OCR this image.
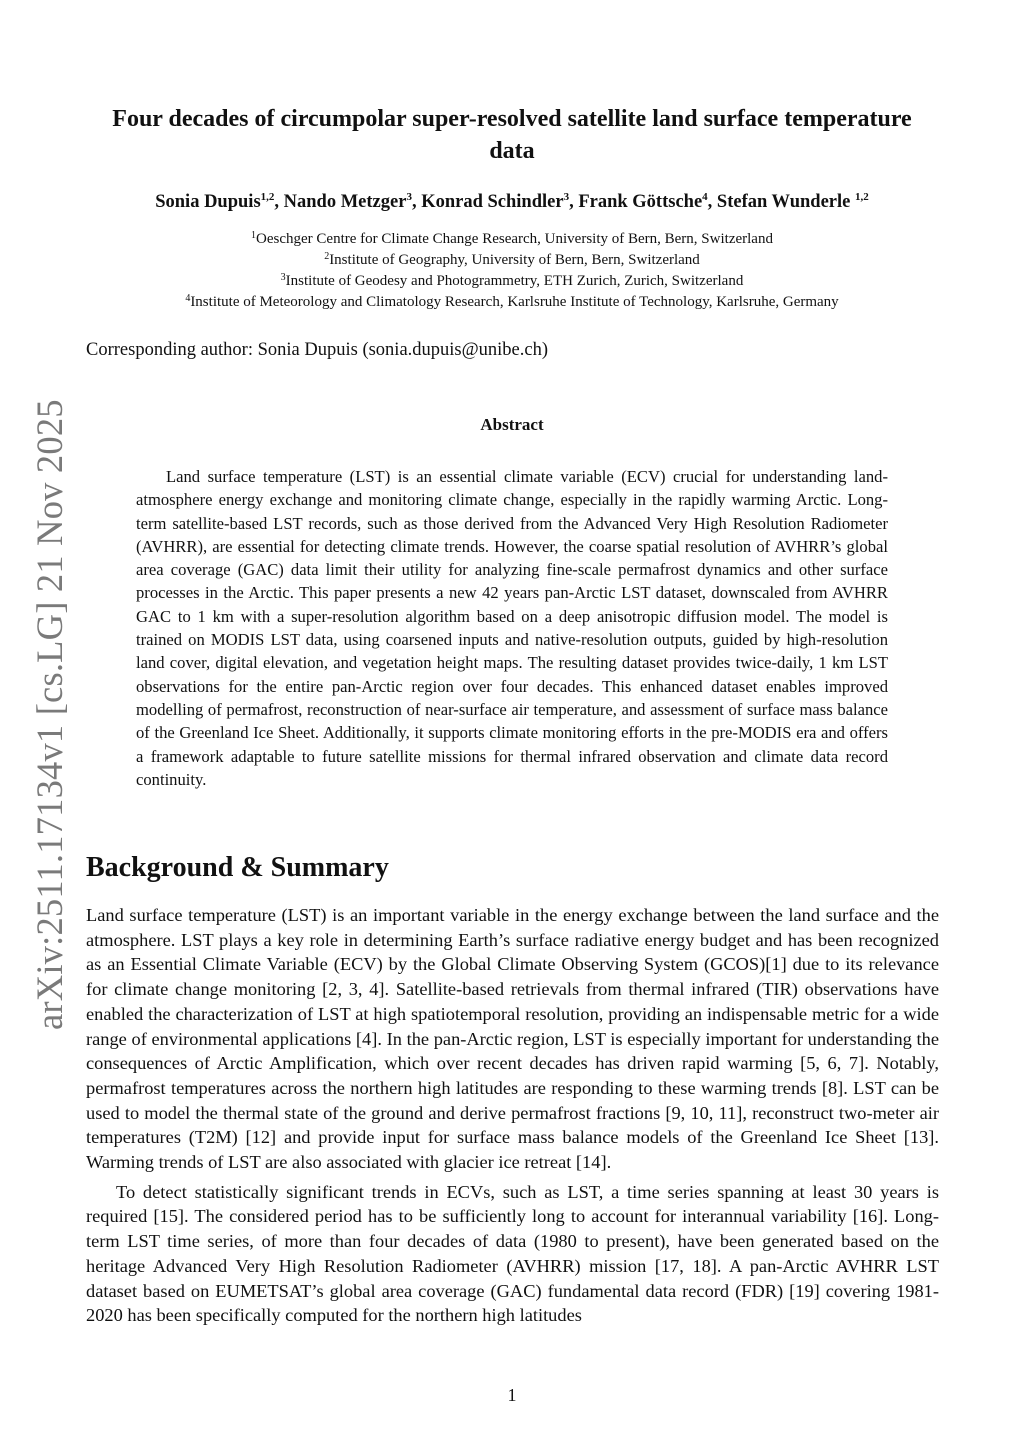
arXiv:2511.17134v1 [cs.LG] 21 Nov 2025
Four decades of circumpolar super-resolved satellite land surface temperature data
Sonia Dupuis$^{1,2}$, Nando Metzger$^3$, Konrad Schindler$^3$, Frank Göttsche$^4$, Stefan Wunderle $^{1,2}$
$^1$Oeschger Centre for Climate Change Research, University of Bern, Bern, Switzerland
$^2$Institute of Geography, University of Bern, Bern, Switzerland
$^3$Institute of Geodesy and Photogrammetry, ETH Zurich, Zurich, Switzerland
$^4$Institute of Meteorology and Climatology Research, Karlsruhe Institute of Technology, Karlsruhe, Germany
Corresponding author: Sonia Dupuis (sonia.dupuis@unibe.ch)
Abstract

Land surface temperature (LST) is an essential climate variable (ECV) crucial for understanding land-atmosphere energy exchange and monitoring climate change, especially in the rapidly warming Arctic. Long-term satellite-based LST records, such as those derived from the Advanced Very High Resolution Radiometer (AVHRR), are essential for detecting climate trends. However, the coarse spatial resolution of AVHRR’s global area coverage (GAC) data limit their utility for analyzing fine-scale permafrost dynamics and other surface processes in the Arctic. This paper presents a new 42 years pan-Arctic LST dataset, downscaled from AVHRR GAC to 1 km with a super-resolution algorithm based on a deep anisotropic diffusion model. The model is trained on MODIS LST data, using coarsened inputs and native-resolution outputs, guided by high-resolution land cover, digital elevation, and vegetation height maps. The resulting dataset provides twice-daily, 1 km LST observations for the entire pan-Arctic region over four decades. This enhanced dataset enables improved modelling of permafrost, reconstruction of near-surface air temperature, and assessment of surface mass balance of the Greenland Ice Sheet. Additionally, it supports climate monitoring efforts in the pre-MODIS era and offers a framework adaptable to future satellite missions for thermal infrared observation and climate data record continuity.

Background & Summary

Land surface temperature (LST) is an important variable in the energy exchange between the land surface and the atmosphere. LST plays a key role in determining Earth’s surface radiative energy budget and has been recognized as an Essential Climate Variable (ECV) by the Global Climate Observing System (GCOS)[1] due to its relevance for climate change monitoring [2, 3, 4]. Satellite-based retrievals from thermal infrared (TIR) observations have enabled the characterization of LST at high spatiotemporal resolution, providing an indispensable metric for a wide range of environmental applications [4]. In the pan-Arctic region, LST is especially important for understanding the consequences of Arctic Amplification, which over recent decades has driven rapid warming [5, 6, 7]. Notably, permafrost temperatures across the northern high latitudes are responding to these warming trends [8]. LST can be used to model the thermal state of the ground and derive permafrost fractions [9, 10, 11], reconstruct two-meter air temperatures (T2M) [12] and provide input for surface mass balance models of the Greenland Ice Sheet [13]. Warming trends of LST are also associated with glacier ice retreat [14].

To detect statistically significant trends in ECVs, such as LST, a time series spanning at least 30 years is required [15]. The considered period has to be sufficiently long to account for interannual variability [16]. Long-term LST time series, of more than four decades of data (1980 to present), have been generated based on the heritage Advanced Very High Resolution Radiometer (AVHRR) mission [17, 18]. A pan-Arctic AVHRR LST dataset based on EUMETSAT’s global area coverage (GAC) fundamental data record (FDR) [19] covering 1981-2020 has been specifically computed for the northern high latitudes

1
